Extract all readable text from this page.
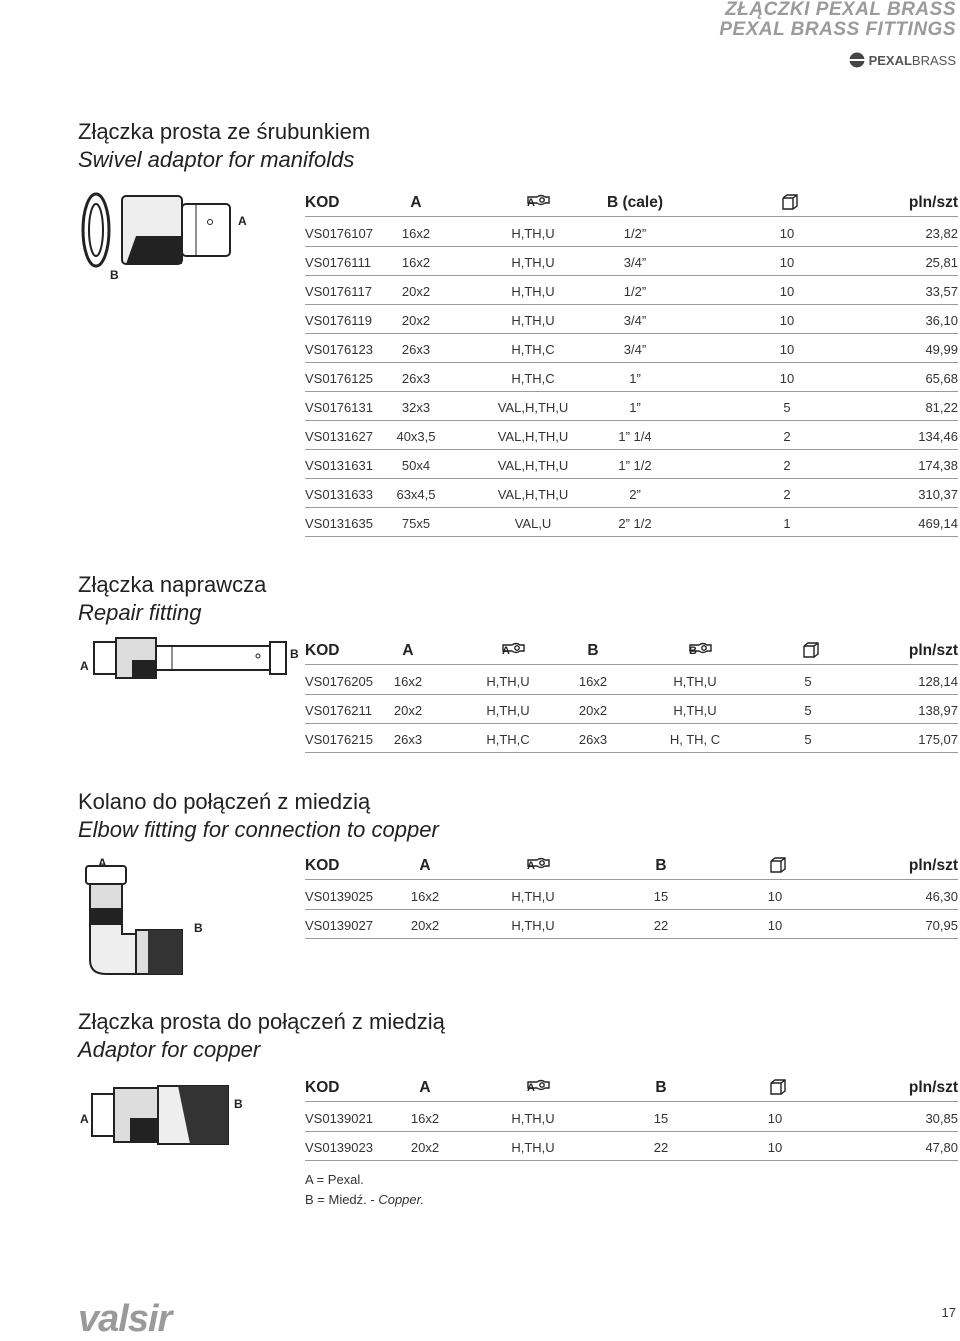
ZŁĄCZKI PEXAL BRASS
PEXAL BRASS FITTINGS
PEXALBRASS
Złączka prosta ze śrubunkiem
Swivel adaptor for manifolds
A
B
KOD	A	A	B (cale)	pln/szt
VS0176107 16x2	H,TH,U	1/2”	10	23,82
VS0176111 16x2	H,TH,U	3/4”	10	25,81
VS0176117 20x2	H,TH,U	1/2”	10	33,57
VS0176119 20x2	H,TH,U	3/4”	10	36,10
VS0176123 26x3	H,TH,C	3/4”	10	49,99
VS0176125 26x3	H,TH,C	1”	10	65,68
VS0176131 32x3	VAL,H,TH,U	1”	5	81,22
VS0131627 40x3,5	VAL,H,TH,U	1” 1/4	2	134,46
VS0131631 50x4	VAL,H,TH,U	1” 1/2	2	174,38
VS0131633 63x4,5	VAL,H,TH,U	2”	2	310,37
VS0131635 75x5	VAL,U	2” 1/2	1	469,14
Złączka naprawcza
Repair fitting
A
B KOD	A	A	B	B	pln/szt
VS0176205 16x2	H,TH,U	16x2	H,TH,U	5	128,14
VS0176211 20x2	H,TH,U	20x2	H,TH,U	5	138,97
VS0176215 26x3	H,TH,C	26x3	H, TH, C	5	175,07
Kolano do połączeń z miedzią
Elbow fitting for connection to copper
A
B
KOD	A	A	B	pln/szt
VS0139025	16x2	H,TH,U	15	10	46,30
VS0139027	20x2	H,TH,U	22	10	70,95
Złączka prosta do połączeń z miedzią
Adaptor for copper
A
B
KOD	A	A	B	pln/szt
VS0139021	16x2	H,TH,U	15	10	30,85
VS0139023	20x2	H,TH,U	22	10	47,80
A = Pexal.
B = Miedź. - Copper.
valsir	17
